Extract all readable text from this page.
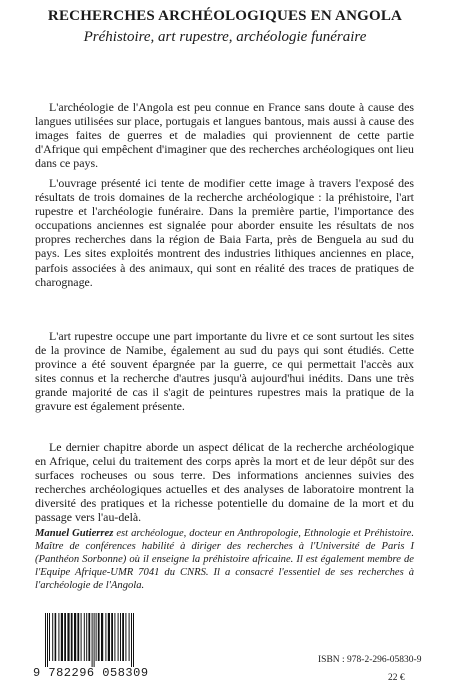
RECHERCHES ARCHÉOLOGIQUES EN ANGOLA
Préhistoire, art rupestre, archéologie funéraire

L'archéologie de l'Angola est peu connue en France sans doute à cause des langues utilisées sur place, portugais et langues bantous, mais aussi à cause des images faites de guerres et de maladies qui proviennent de cette partie d'Afrique qui empêchent d'imaginer que des recherches archéologiques ont lieu dans ce pays.

L'ouvrage présenté ici tente de modifier cette image à travers l'exposé des résultats de trois domaines de la recherche archéologique : la préhistoire, l'art rupestre et l'archéologie funéraire. Dans la première partie, l'importance des occupations anciennes est signalée pour aborder ensuite les résultats de nos propres recherches dans la région de Baia Farta, près de Benguela au sud du pays. Les sites exploités montrent des industries lithiques anciennes en place, parfois associées à des animaux, qui sont en réalité des traces de pratiques de charognage.

L'art rupestre occupe une part importante du livre et ce sont surtout les sites de la province de Namibe, également au sud du pays qui sont étudiés. Cette province a été souvent épargnée par la guerre, ce qui permettait l'accès aux sites connus et la recherche d'autres jusqu'à aujourd'hui inédits. Dans une très grande majorité de cas il s'agit de peintures rupestres mais la pratique de la gravure est également présente.

Le dernier chapitre aborde un aspect délicat de la recherche archéologique en Afrique, celui du traitement des corps après la mort et de leur dépôt sur des surfaces rocheuses ou sous terre. Des informations anciennes suivies des recherches archéologiques actuelles et des analyses de laboratoire montrent la diversité des pratiques et la richesse potentielle du domaine de la mort et du passage vers l'au-delà.

Manuel Gutierrez est archéologue, docteur en Anthropologie, Ethnologie et Préhistoire. Maître de conférences habilité à diriger des recherches à l'Université de Paris I (Panthéon Sorbonne) où il enseigne la préhistoire africaine. Il est également membre de l'Equipe Afrique-UMR 7041 du CNRS. Il a consacré l'essentiel de ses recherches à l'archéologie de l'Angola.

9 782296 058309
ISBN : 978-2-296-05830-9
22 €
